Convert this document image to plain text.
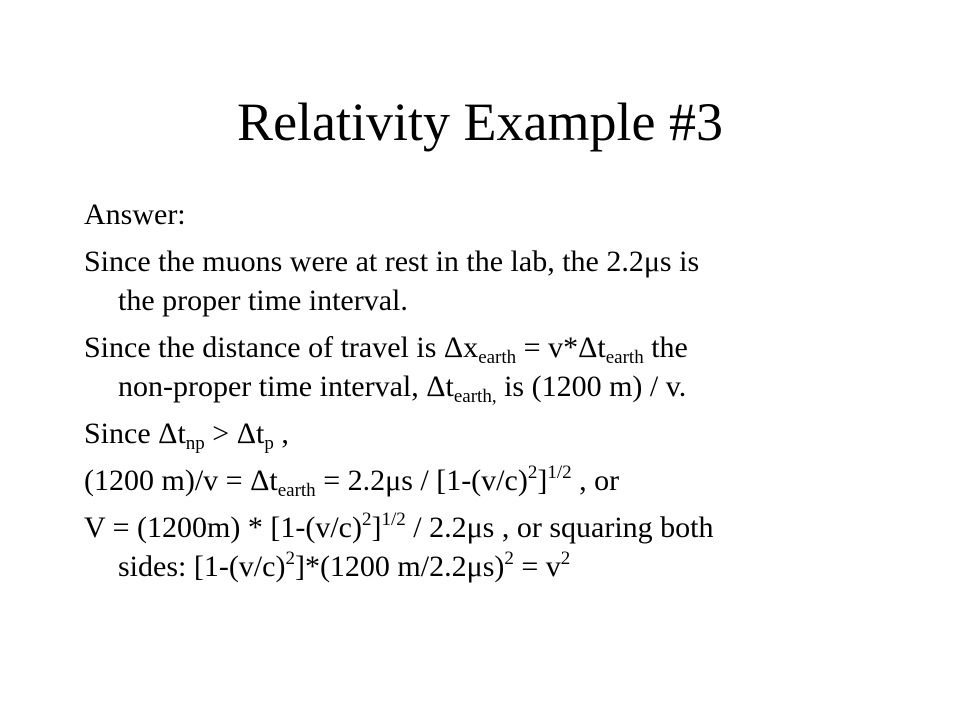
Relativity Example #3

Answer:

Since the muons were at rest in the lab, the 2.2μs is
the proper time interval.

Since the distance of travel is $\Delta x_{earth} = v*\Delta t_{earth}$ the
non-proper time interval, $\Delta t_{earth,}$ is (1200 m) / v.

Since $\Delta t_{np} > \Delta t_p$ ,

(1200 $m)/v = \Delta t_{earth} = 2.2\mu s / [1-(v/c)^2]^{1/2}$ , or

$V = (1200m) * [1-(v/c)^2]^{1/2} / 2.2\mu s$ , or squaring both
sides: $[1-(v/c)^2]*(1200$ $m/2.2\mu s)^2 = v^2$
